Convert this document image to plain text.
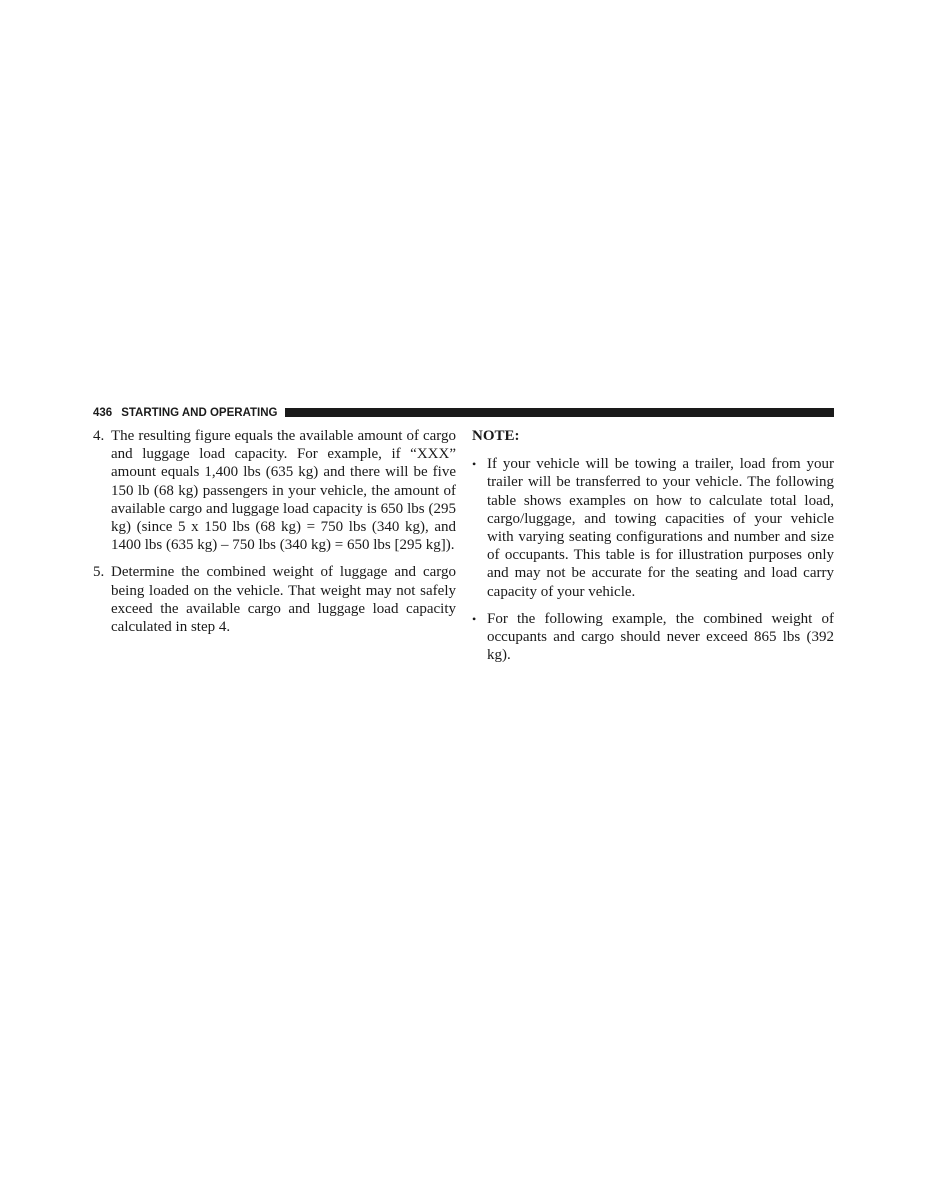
436 STARTING AND OPERATING
4. The resulting figure equals the available amount of cargo and luggage load capacity. For example, if “XXX” amount equals 1,400 lbs (635 kg) and there will be five 150 lb (68 kg) passengers in your vehicle, the amount of available cargo and luggage load capacity is 650 lbs (295 kg) (since 5 x 150 lbs (68 kg) = 750 lbs (340 kg), and 1400 lbs (635 kg) – 750 lbs (340 kg) = 650 lbs [295 kg]).
5. Determine the combined weight of luggage and cargo being loaded on the vehicle. That weight may not safely exceed the available cargo and luggage load capacity calculated in step 4.
NOTE:
• If your vehicle will be towing a trailer, load from your trailer will be transferred to your vehicle. The following table shows examples on how to calculate total load, cargo/luggage, and towing capacities of your vehicle with varying seating configurations and number and size of occupants. This table is for illustration purposes only and may not be accurate for the seating and load carry capacity of your vehicle.
• For the following example, the combined weight of occupants and cargo should never exceed 865 lbs (392 kg).
